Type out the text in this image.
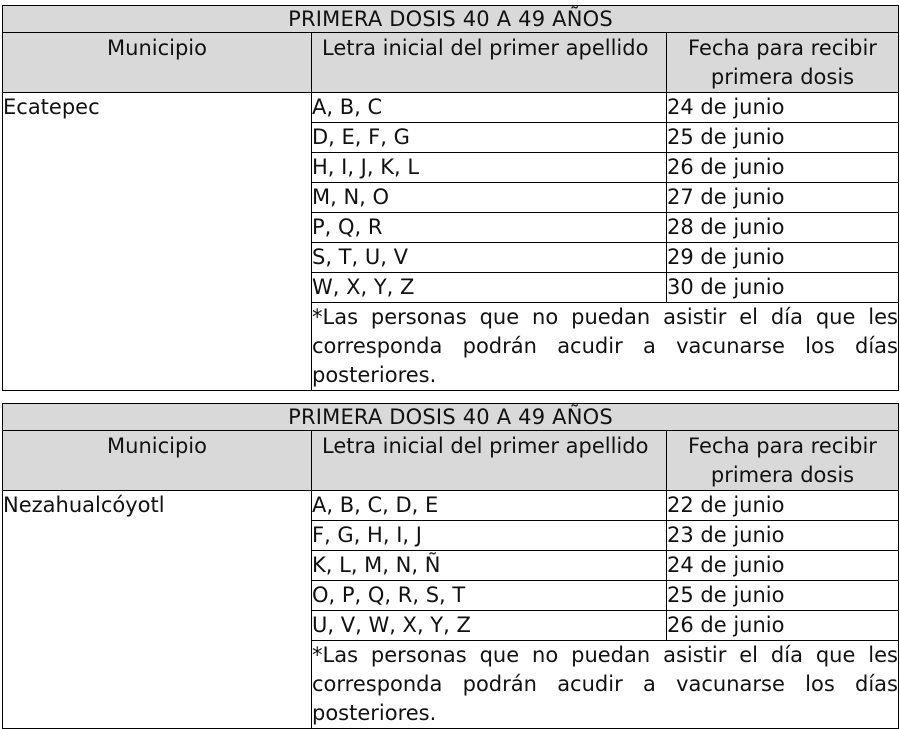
PRIMERA DOSIS 40 A 49 AÑOS		
Municipio	Letra inicial del primer apellido	Fecha para recibir primera dosis
Ecatepec	A, B, C	24 de junio
	D, E, F, G	25 de junio
	H, I, J, K, L	26 de junio
	M, N, O	27 de junio
	P, Q, R	28 de junio
	S, T, U, V	29 de junio
	W, X, Y, Z	30 de junio
	*Las personas que no puedan asistir el día que les corresponda podrán acudir a vacunarse los días posteriores.	
PRIMERA DOSIS 40 A 49 AÑOS		
Municipio	Letra inicial del primer apellido	Fecha para recibir primera dosis
Nezahualcóyotl	A, B, C, D, E	22 de junio
	F, G, H, I, J	23 de junio
	K, L, M, N, Ñ	24 de junio
	O, P, Q, R, S, T	25 de junio
	U, V, W, X, Y, Z	26 de junio
	*Las personas que no puedan asistir el día que les corresponda podrán acudir a vacunarse los días posteriores.	
